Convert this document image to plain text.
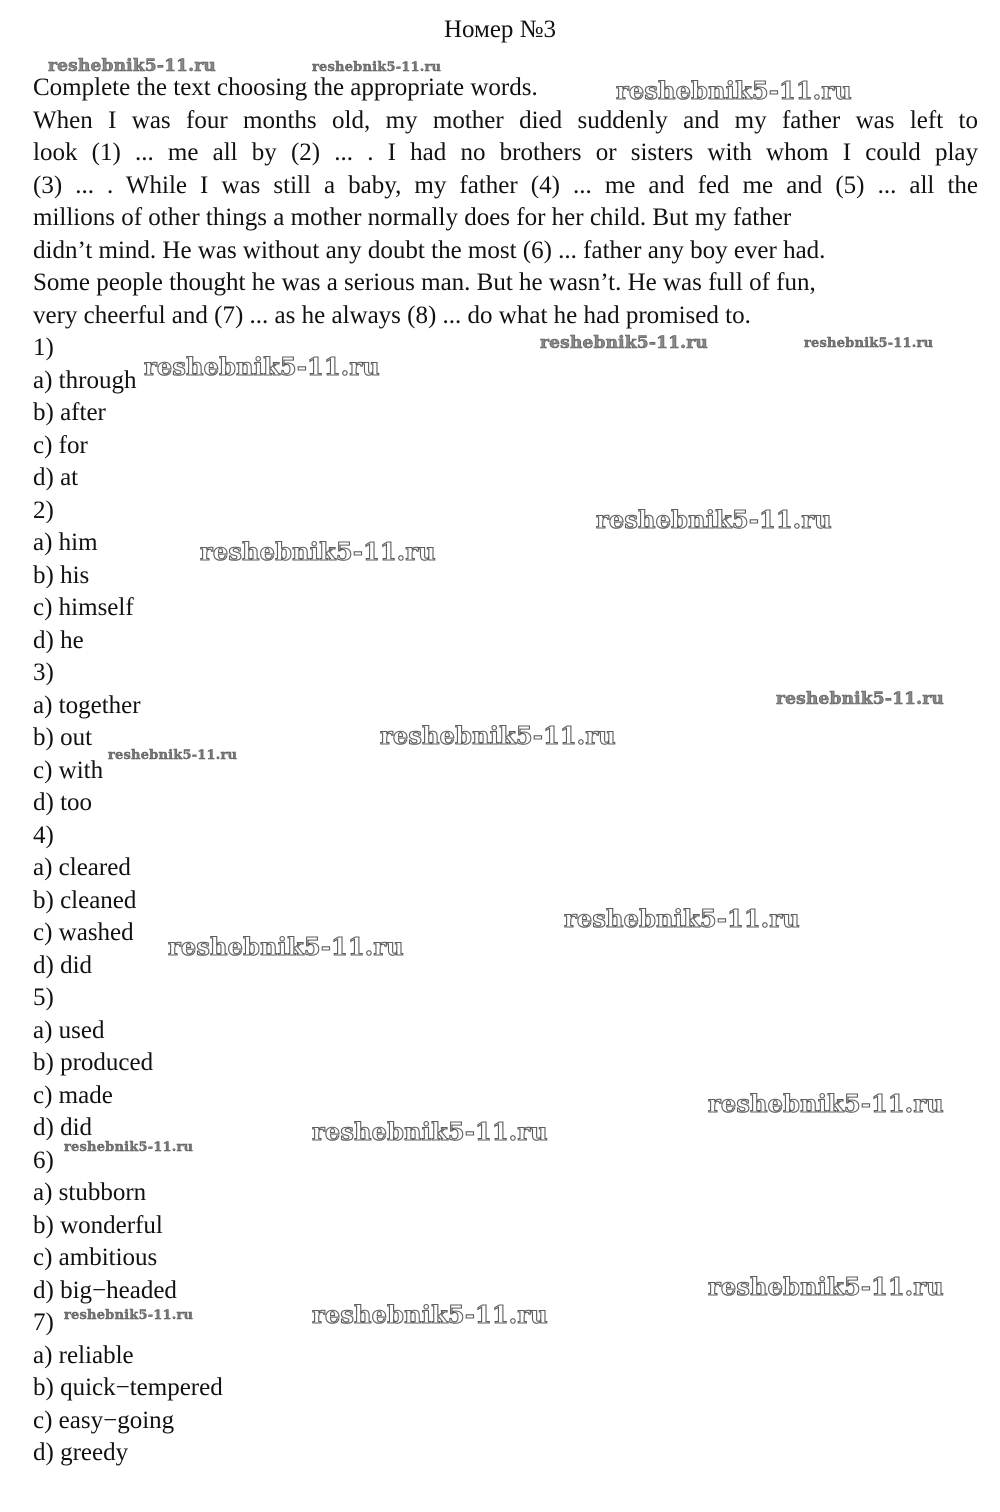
Номер №3
Complete the text choosing the appropriate words.
When I was four months old, my mother died suddenly and my father was left to
look (1) ... me all by (2) ... . I had no brothers or sisters with whom I could play
(3) ... . While I was still a baby, my father (4) ... me and fed me and (5) ... all the
millions of other things a mother normally does for her child. But my father
didn’t mind. He was without any doubt the most (6) ... father any boy ever had.
Some people thought he was a serious man. But he wasn’t. He was full of fun,
very cheerful and (7) ... as he always (8) ... do what he had promised to.
1)
a) through
b) after
c) for
d) at
2)
a) him
b) his
c) himself
d) he
3)
a) together
b) out
c) with
d) too
4)
a) cleared
b) cleaned
c) washed
d) did
5)
a) used
b) produced
c) made
d) did
6)
a) stubborn
b) wonderful
c) ambitious
d) big−headed
7)
a) reliable
b) quick−tempered
c) easy−going
d) greedy
reshebnik5-11.ru	reshebnik5-11.ru
reshebnik5-11.ru
reshebnik5-11.ru	reshebnik5-11.ru
reshebnik5-11.ru
reshebnik5-11.ru
reshebnik5-11.ru
reshebnik5-11.ru
reshebnik5-11.ru
reshebnik5-11.ru
reshebnik5-11.ru
reshebnik5-11.ru
reshebnik5-11.ru
reshebnik5-11.ru
reshebnik5-11.ru
reshebnik5-11.ru
reshebnik5-11.ru
reshebnik5-11.ru
